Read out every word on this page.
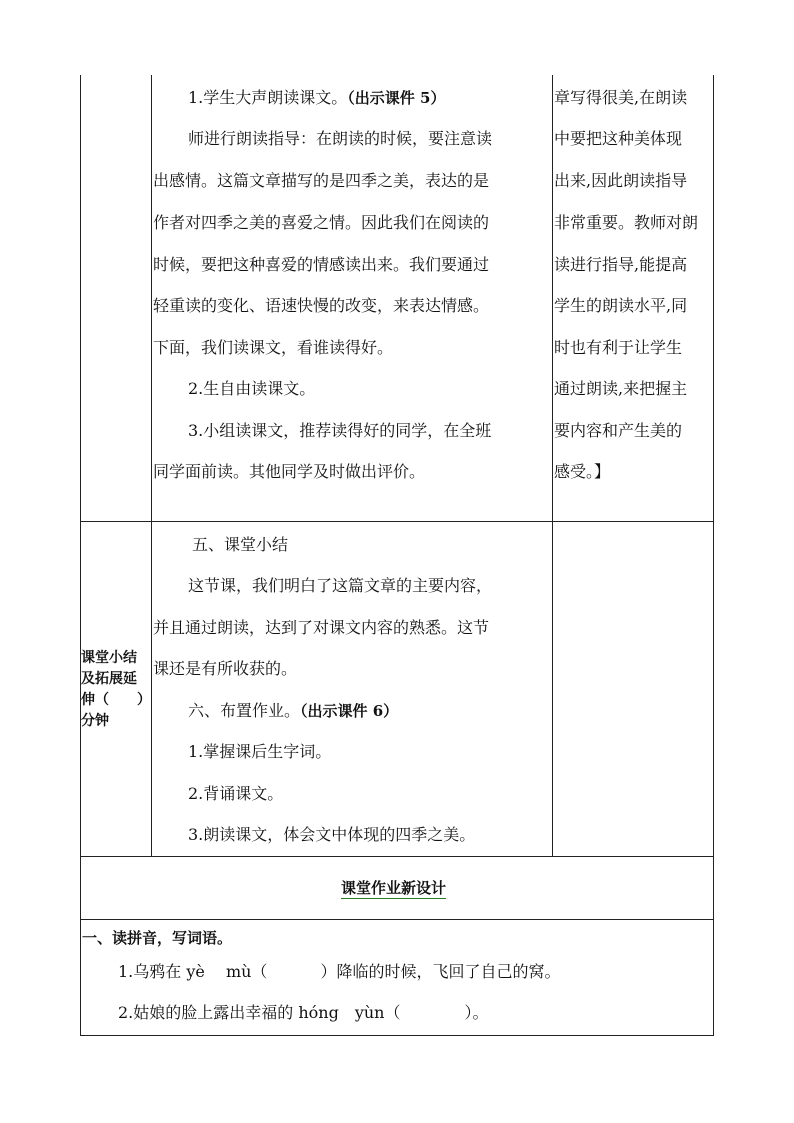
1.学生大声朗读课文。（出示课件 5）
师进行朗读指导：在朗读的时候，要注意读
出感情。这篇文章描写的是四季之美，表达的是
作者对四季之美的喜爱之情。因此我们在阅读的
时候，要把这种喜爱的情感读出来。我们要通过
轻重读的变化、语速快慢的改变，来表达情感。
下面，我们读课文，看谁读得好。
2.生自由读课文。
3.小组读课文，推荐读得好的同学，在全班
同学面前读。其他同学及时做出评价。
章写得很美,在朗读
中要把这种美体现
出来,因此朗读指导
非常重要。教师对朗
读进行指导,能提高
学生的朗读水平,同
时也有利于让学生
通过朗读,来把握主
要内容和产生美的
感受。】
课堂小结
及拓展延
伸（　　）
分钟
五、课堂小结
这节课，我们明白了这篇文章的主要内容，
并且通过朗读，达到了对课文内容的熟悉。这节
课还是有所收获的。
六、布置作业。（出示课件 6）
1.掌握课后生字词。
2.背诵课文。
3.朗读课文，体会文中体现的四季之美。
课堂作业新设计
一、读拼音，写词语。
1.乌鸦在 yè　 mù（　　　 ）降临的时候，飞回了自己的窝。
2.姑娘的脸上露出幸福的 hóng　yùn（　　　　）。
